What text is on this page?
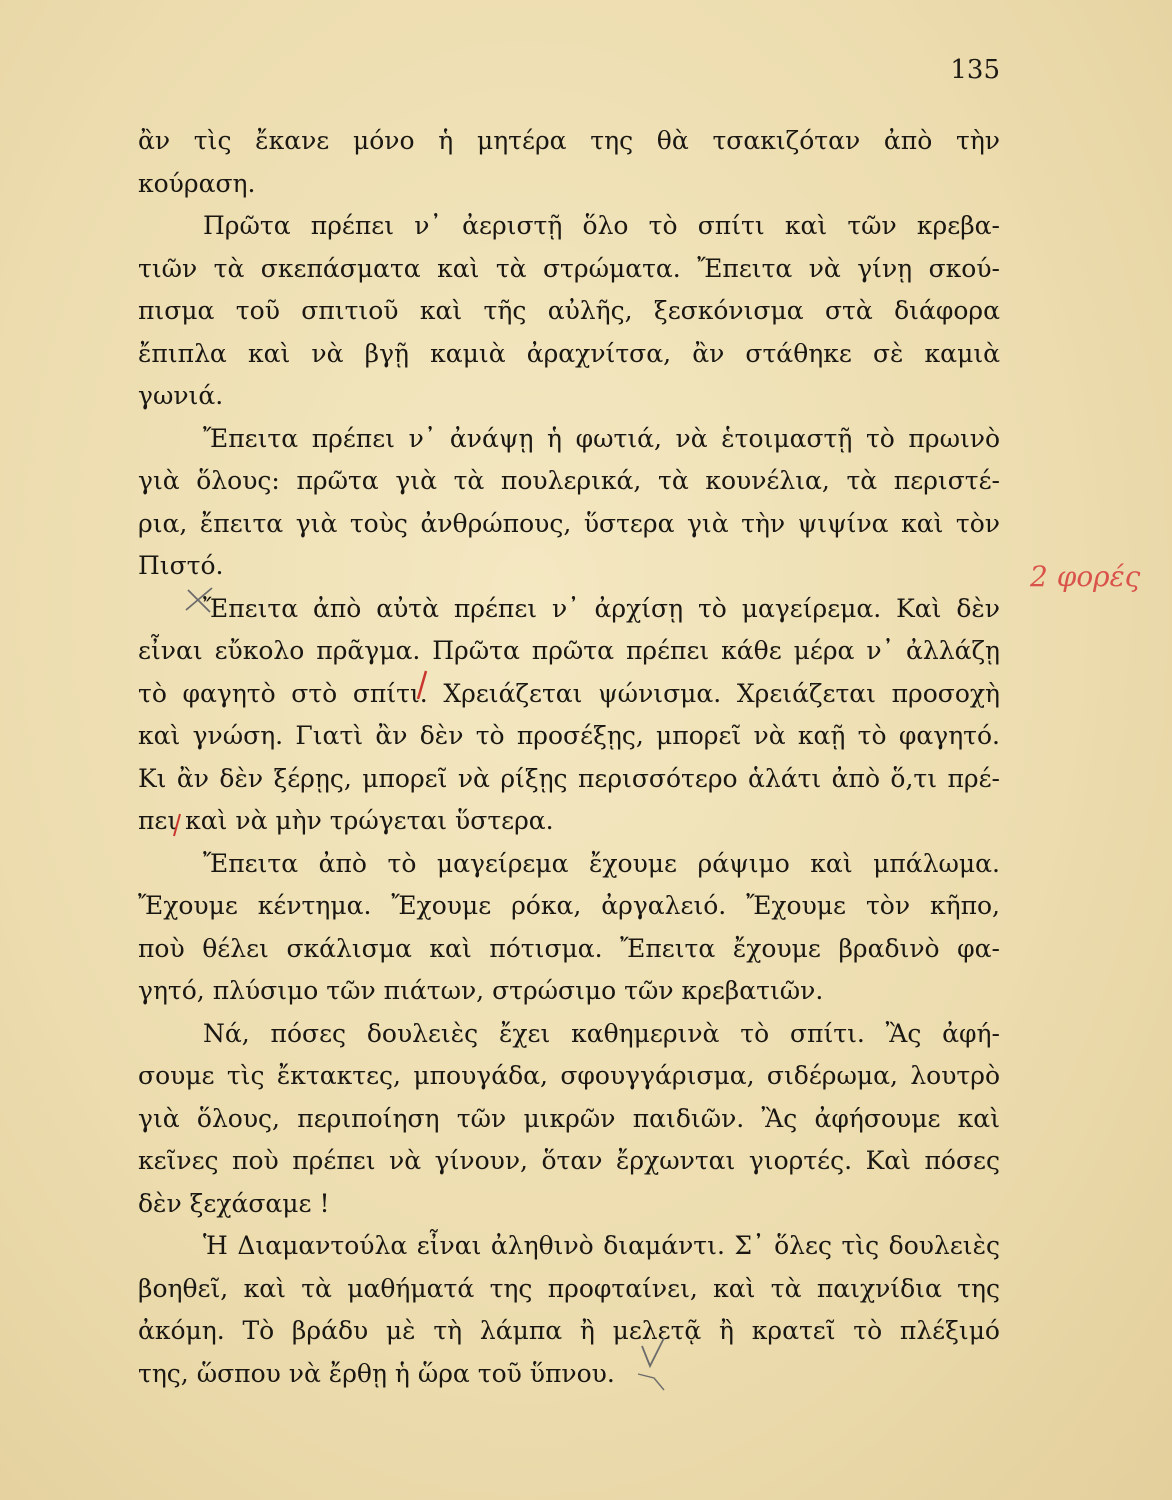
135
ἂν τὶς ἔκανε μόνο ἡ μητέρα της θὰ τσακιζόταν ἀπὸ τὴν
κούραση.
Πρῶτα πρέπει ν᾽ ἀεριστῇ ὅλο τὸ σπίτι καὶ τῶν κρεβα-
τιῶν τὰ σκεπάσματα καὶ τὰ στρώματα. Ἔπειτα νὰ γίνῃ σκού-
πισμα τοῦ σπιτιοῦ καὶ τῆς αὐλῆς, ξεσκόνισμα στὰ διάφορα
ἔπιπλα καὶ νὰ βγῇ καμιὰ ἀραχνίτσα, ἂν στάθηκε σὲ καμιὰ
γωνιά.
Ἔπειτα πρέπει ν᾽ ἀνάψῃ ἡ φωτιά, νὰ ἑτοιμαστῇ τὸ πρωινὸ
γιὰ ὅλους: πρῶτα γιὰ τὰ πουλερικά, τὰ κουνέλια, τὰ περιστέ-
ρια, ἔπειτα γιὰ τοὺς ἀνθρώπους, ὕστερα γιὰ τὴν ψιψίνα καὶ τὸν
Πιστό.
Ἔπειτα ἀπὸ αὐτὰ πρέπει ν᾽ ἀρχίσῃ τὸ μαγείρεμα. Καὶ δὲν
εἶναι εὔκολο πρᾶγμα. Πρῶτα πρῶτα πρέπει κάθε μέρα ν᾽ ἀλλάζῃ
τὸ φαγητὸ στὸ σπίτι. Χρειάζεται ψώνισμα. Χρειάζεται προσοχὴ
καὶ γνώση. Γιατὶ ἂν δὲν τὸ προσέξῃς, μπορεῖ νὰ καῇ τὸ φαγητό.
Κι ἂν δὲν ξέρῃς, μπορεῖ νὰ ρίξῃς περισσότερο ἁλάτι ἀπὸ ὅ,τι πρέ-
πει καὶ νὰ μὴν τρώγεται ὕστερα.
Ἔπειτα ἀπὸ τὸ μαγείρεμα ἔχουμε ράψιμο καὶ μπάλωμα.
Ἔχουμε κέντημα. Ἔχουμε ρόκα, ἀργαλειό. Ἔχουμε τὸν κῆπο,
ποὺ θέλει σκάλισμα καὶ πότισμα. Ἔπειτα ἔχουμε βραδινὸ φα-
γητό, πλύσιμο τῶν πιάτων, στρώσιμο τῶν κρεβατιῶν.
Νά, πόσες δουλειὲς ἔχει καθημερινὰ τὸ σπίτι. Ἂς ἀφή-
σουμε τὶς ἔκτακτες, μπουγάδα, σφουγγάρισμα, σιδέρωμα, λουτρὸ
γιὰ ὅλους, περιποίηση τῶν μικρῶν παιδιῶν. Ἂς ἀφήσουμε καὶ
κεῖνες ποὺ πρέπει νὰ γίνουν, ὅταν ἔρχωνται γιορτές. Καὶ πόσες
δὲν ξεχάσαμε !
Ἡ Διαμαντούλα εἶναι ἀληθινὸ διαμάντι. Σ᾽ ὅλες τὶς δουλειὲς
βοηθεῖ, καὶ τὰ μαθήματά της προφταίνει, καὶ τὰ παιχνίδια της
ἀκόμη. Τὸ βράδυ μὲ τὴ λάμπα ἢ μελετᾷ ἢ κρατεῖ τὸ πλέξιμό
της, ὥσπου νὰ ἔρθῃ ἡ ὥρα τοῦ ὕπνου.
2 φορές
